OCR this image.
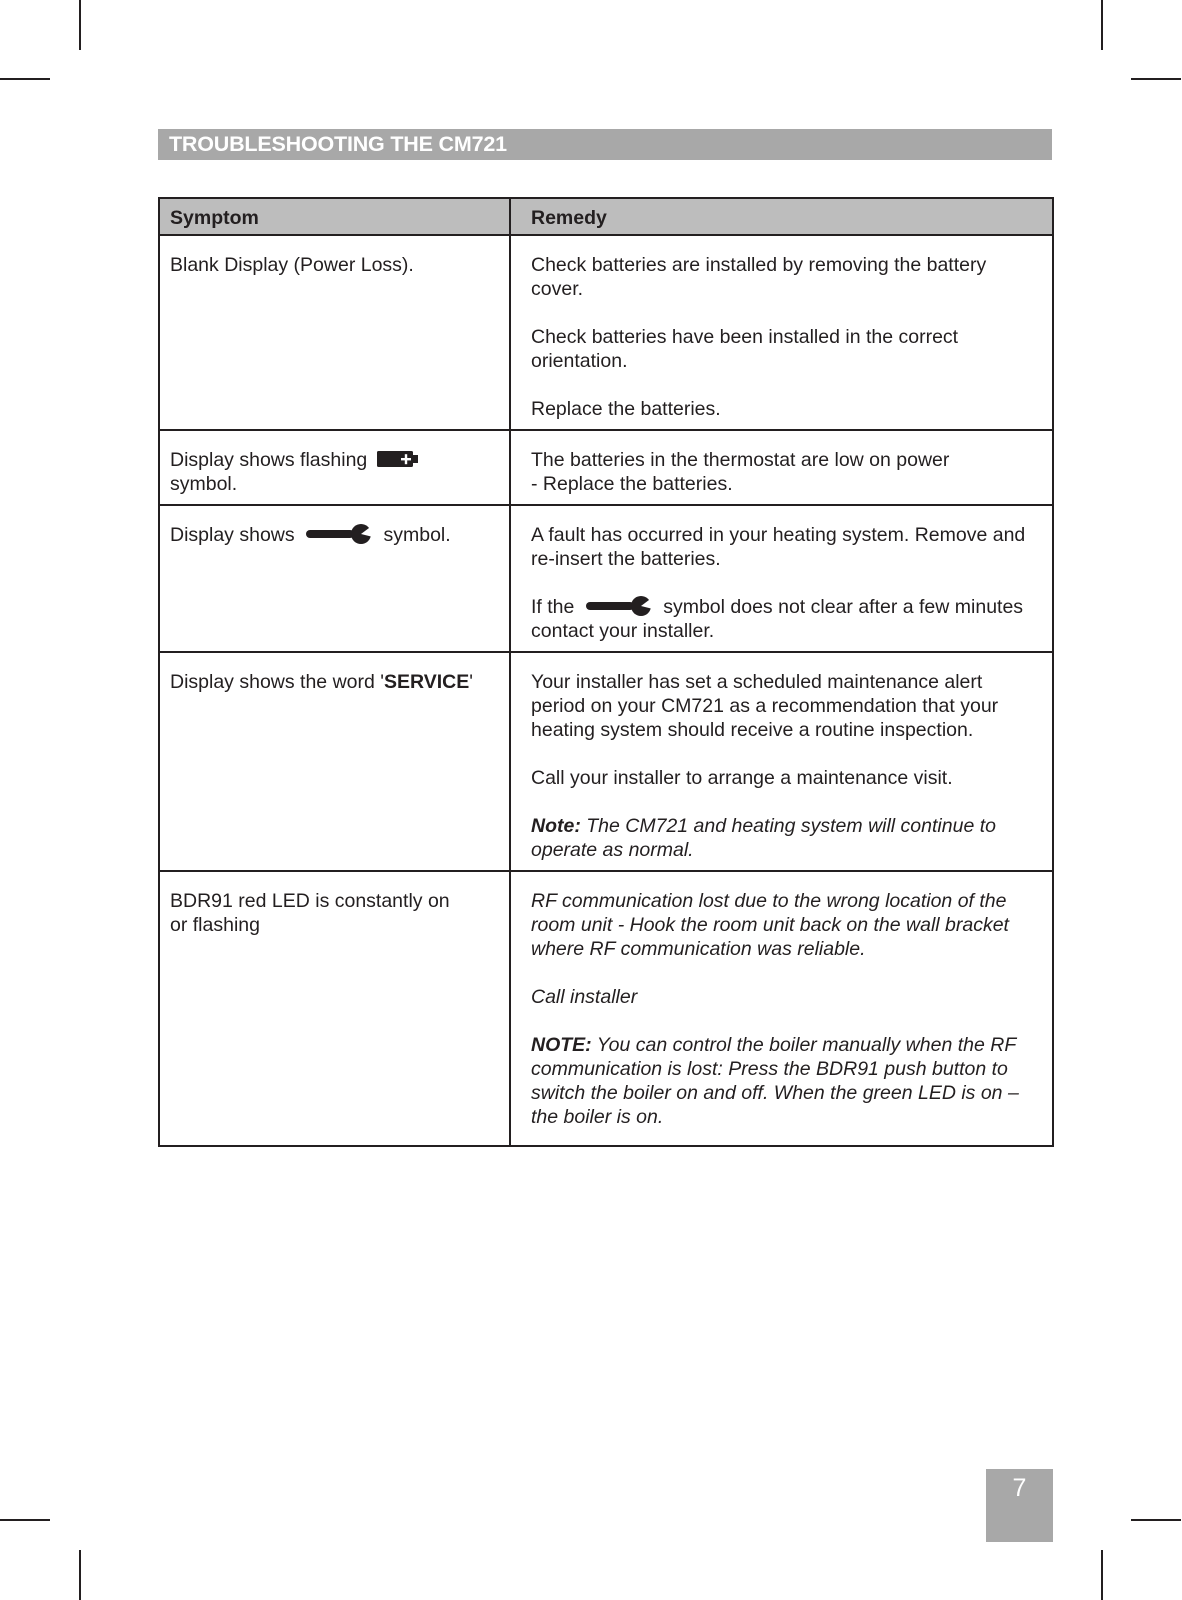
TROUBLESHOOTING THE CM721
Symptom	Remedy
Blank Display (Power Loss).	Check batteries are installed by removing the battery cover.

Check batteries have been installed in the correct orientation.

Replace the batteries.

Display shows flashing
symbol.	The batteries in the thermostat are low on power
- Replace the batteries.
Display shows symbol.	A fault has occurred in your heating system. Remove and re-insert the batteries.

If the symbol does not clear after a few minutes contact your installer.

Display shows the word 'SERVICE'	Your installer has set a scheduled maintenance alert period on your CM721 as a recommendation that your heating system should receive a routine inspection.

Call your installer to arrange a maintenance visit.

Note: The CM721 and heating system will continue to operate as normal.

BDR91 red LED is constantly on or flashing	RF communication lost due to the wrong location of the room unit - Hook the room unit back on the wall bracket where RF communication was reliable.

Call installer

NOTE: You can control the boiler manually when the RF communication is lost: Press the BDR91 push button to switch the boiler on and off. When the green LED is on – the boiler is on.

7
